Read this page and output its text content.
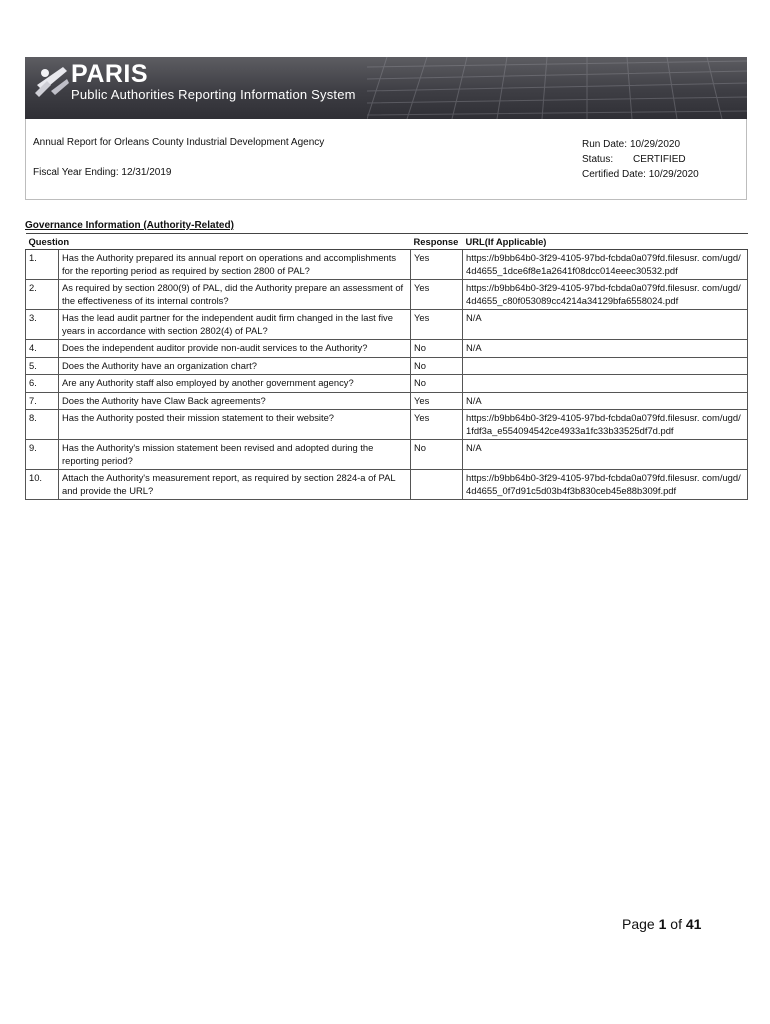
PARIS
Public Authorities Reporting Information System
Annual Report for Orleans County Industrial Development Agency
Fiscal Year Ending: 12/31/2019
Run Date: 10/29/2020
Status: CERTIFIED
Certified Date: 10/29/2020
Governance Information (Authority-Related)
Question		Response	URL(If Applicable)
1.	Has the Authority prepared its annual report on operations and accomplishments for the reporting period as required by section 2800 of PAL?	Yes	https://b9bb64b0-3f29-4105-97bd-fcbda0a079fd.filesusr. com/ugd/4d4655_1dce6f8e1a2641f08dcc014eeec30532.pdf
2.	As required by section 2800(9) of PAL, did the Authority prepare an assessment of the effectiveness of its internal controls?	Yes	https://b9bb64b0-3f29-4105-97bd-fcbda0a079fd.filesusr. com/ugd/4d4655_c80f053089cc4214a34129bfa6558024.pdf
3.	Has the lead audit partner for the independent audit firm changed in the last five years in accordance with section 2802(4) of PAL?	Yes	N/A
4.	Does the independent auditor provide non-audit services to the Authority?	No	N/A
5.	Does the Authority have an organization chart?	No	
6.	Are any Authority staff also employed by another government agency?	No	
7.	Does the Authority have Claw Back agreements?	Yes	N/A
8.	Has the Authority posted their mission statement to their website?	Yes	https://b9bb64b0-3f29-4105-97bd-fcbda0a079fd.filesusr. com/ugd/1fdf3a_e554094542ce4933a1fc33b33525df7d.pdf
9.	Has the Authority's mission statement been revised and adopted during the reporting period?	No	N/A
10.	Attach the Authority's measurement report, as required by section 2824-a of PAL and provide the URL?		https://b9bb64b0-3f29-4105-97bd-fcbda0a079fd.filesusr. com/ugd/4d4655_0f7d91c5d03b4f3b830ceb45e88b309f.pdf
Page 1 of 41
